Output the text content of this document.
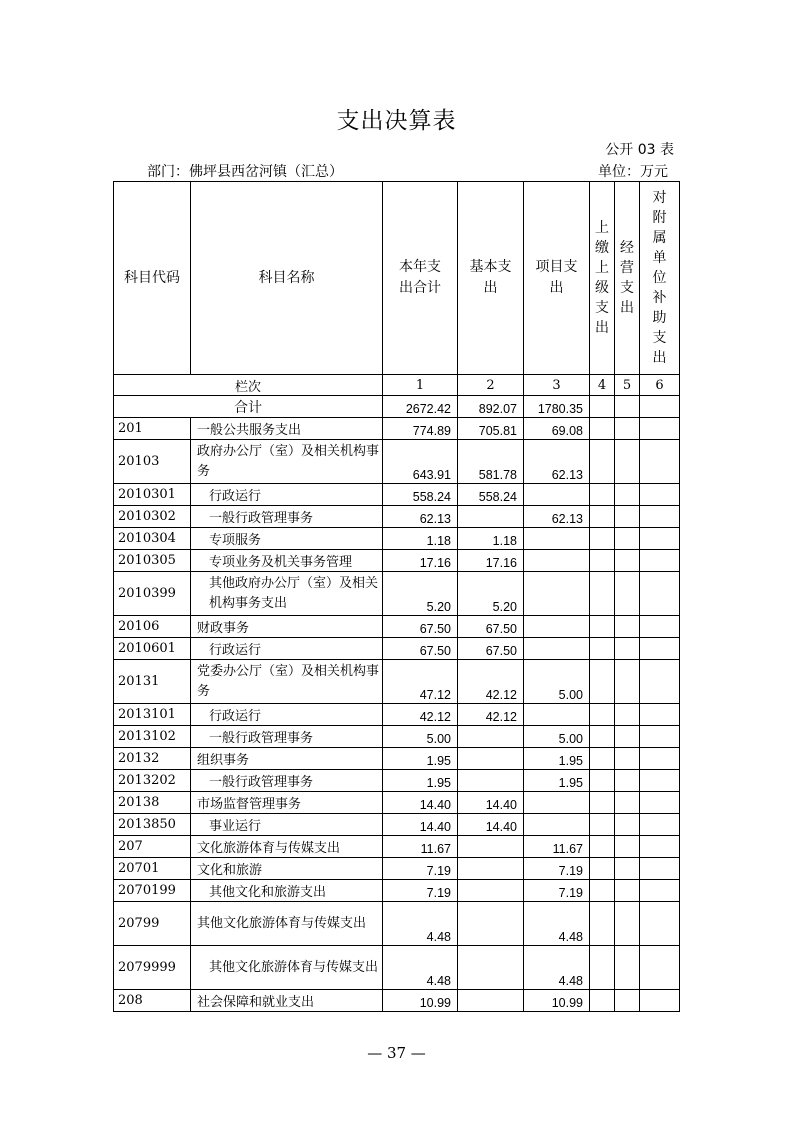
支出决算表
公开 03 表
部门：佛坪县西岔河镇（汇总）	单位：万元
科目代码	科目名称	本年支出合计	基本支出	项目支出	上缴上级支出	经营支出	对附属单位补助支出
栏次		1	2	3	4	5	6
合计		2672.42	892.07	1780.35			
201	一般公共服务支出	774.89	705.81	69.08			
20103	政府办公厅（室）及相关机构事务	643.91	581.78	62.13			
2010301	行政运行	558.24	558.24				
2010302	一般行政管理事务	62.13		62.13			
2010304	专项服务	1.18	1.18				
2010305	专项业务及机关事务管理	17.16	17.16				
2010399	其他政府办公厅（室）及相关机构事务支出	5.20	5.20				
20106	财政事务	67.50	67.50				
2010601	行政运行	67.50	67.50				
20131	党委办公厅（室）及相关机构事务	47.12	42.12	5.00			
2013101	行政运行	42.12	42.12				
2013102	一般行政管理事务	5.00		5.00			
20132	组织事务	1.95		1.95			
2013202	一般行政管理事务	1.95		1.95			
20138	市场监督管理事务	14.40	14.40				
2013850	事业运行	14.40	14.40				
207	文化旅游体育与传媒支出	11.67		11.67			
20701	文化和旅游	7.19		7.19			
2070199	其他文化和旅游支出	7.19		7.19			
20799	其他文化旅游体育与传媒支出	4.48		4.48			
2079999	其他文化旅游体育与传媒支出	4.48		4.48			
208	社会保障和就业支出	10.99		10.99			
— 37 —
